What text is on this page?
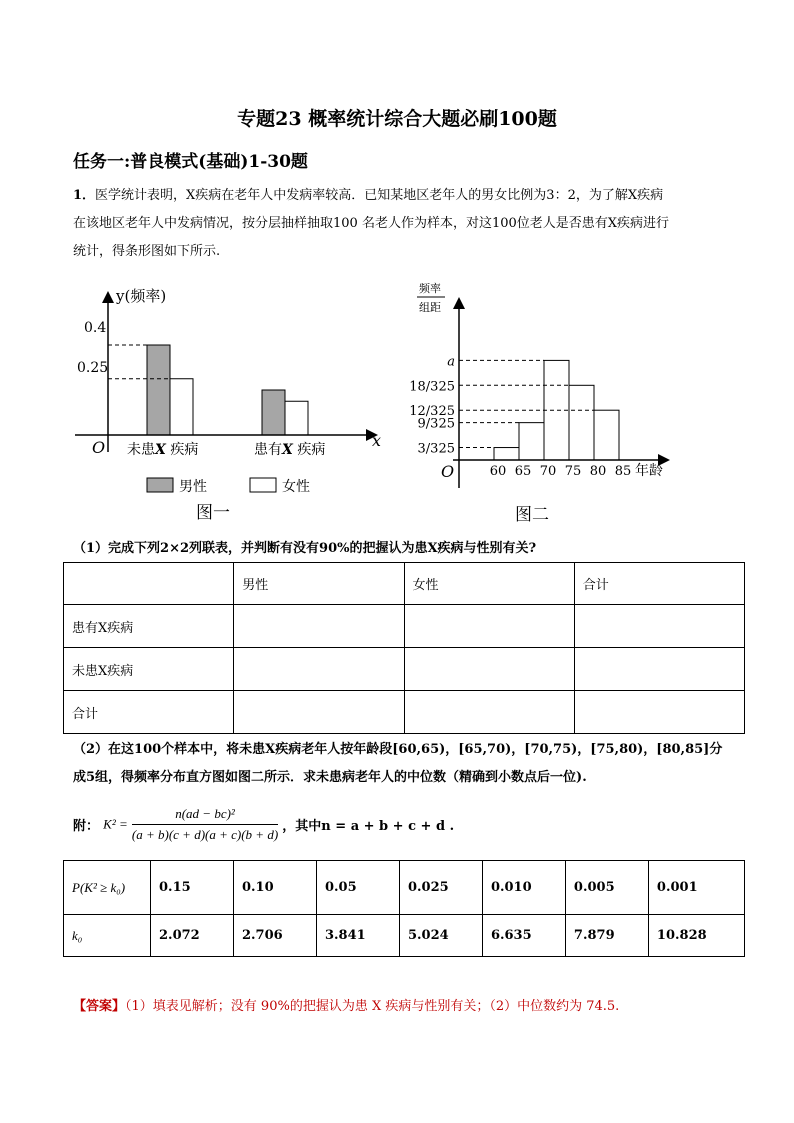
专题23 概率统计综合大题必刷100题
任务一:普良模式(基础)1-30题
1．医学统计表明，X疾病在老年人中发病率较高．已知某地区老年人的男女比例为3：2，为了解X疾病
在该地区老年人中发病情况，按分层抽样抽取100 名老人作为样本，对这100位老人是否患有X疾病进行
统计，得条形图如下所示.
y(频率)
x
O
0.4
0.25
未患X 疾病	患有X 疾病
男性	女性
图一
频率
组距
a
18/325
12/325
9/325
3/325
60 65 70 75 80 85
O	年龄
图二
（1）完成下列2×2列联表，并判断有没有90%的把握认为患X疾病与性别有关?
	男性	女性	合计
患有X疾病			
未患X疾病			
合计			
（2）在这100个样本中，将未患X疾病老年人按年龄段[60,65)，[65,70)，[70,75)，[75,80)，[80,85]分
成5组，得频率分布直方图如图二所示．求未患病老年人的中位数（精确到小数点后一位).
附： $K^2 = \frac{\text{n(ad − bc)²}}{(a + b)(c + d)(a + c)(b + d)}$ ，其中n = a + b + c + d .
P(K² ≥ k₀)	0.15	0.10	0.05	0.025	0.010	0.005	0.001
k₀	2.072	2.706	3.841	5.024	6.635	7.879	10.828
【答案】（1）填表见解析；没有 90%的把握认为患 X 疾病与性别有关；（2）中位数约为 74.5.
